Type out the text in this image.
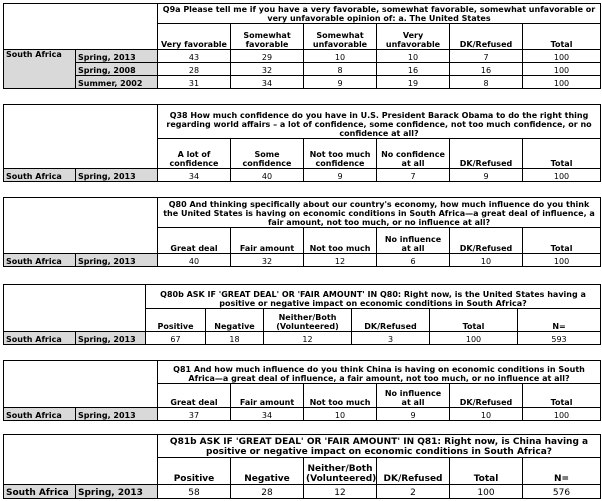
		Q9a Please tell me if you have a very favorable, somewhat favorable, somewhat unfavorable or very unfavorable opinion of: a. The United States					
		Very favorable	Somewhat favorable	Somewhat unfavorable	Very unfavorable	DK/Refused	Total
South Africa	Spring, 2013	43	29	10	10	7	100
	Spring, 2008	28	32	8	16	16	100
	Summer, 2002	31	34	9	19	8	100
		Q38 How much confidence do you have in U.S. President Barack Obama to do the right thing regarding world affairs – a lot of confidence, some confidence, not too much confidence, or no confidence at all?					
		A lot of confidence	Some confidence	Not too much confidence	No confidence at all	DK/Refused	Total
South Africa	Spring, 2013	34	40	9	7	9	100
		Q80 And thinking specifically about our country's economy, how much influence do you think the United States is having on economic conditions in South Africa—a great deal of influence, a fair amount, not too much, or no influence at all?					
		Great deal	Fair amount	Not too much	No influence at all	DK/Refused	Total
South Africa	Spring, 2013	40	32	12	6	10	100
		Q80b ASK IF 'GREAT DEAL' OR 'FAIR AMOUNT' IN Q80: Right now, is the United States having a positive or negative impact on economic conditions in South Africa?					
		Positive	Negative	Neither/Both (Volunteered)	DK/Refused	Total	N=
South Africa	Spring, 2013	67	18	12	3	100	593
		Q81 And how much influence do you think China is having on economic conditions in South Africa—a great deal of influence, a fair amount, not too much, or no influence at all?					
		Great deal	Fair amount	Not too much	No influence at all	DK/Refused	Total
South Africa	Spring, 2013	37	34	10	9	10	100
		Q81b ASK IF 'GREAT DEAL' OR 'FAIR AMOUNT' IN Q81: Right now, is China having a positive or negative impact on economic conditions in South Africa?					
		Positive	Negative	Neither/Both (Volunteered)	DK/Refused	Total	N=
South Africa	Spring, 2013	58	28	12	2	100	576
